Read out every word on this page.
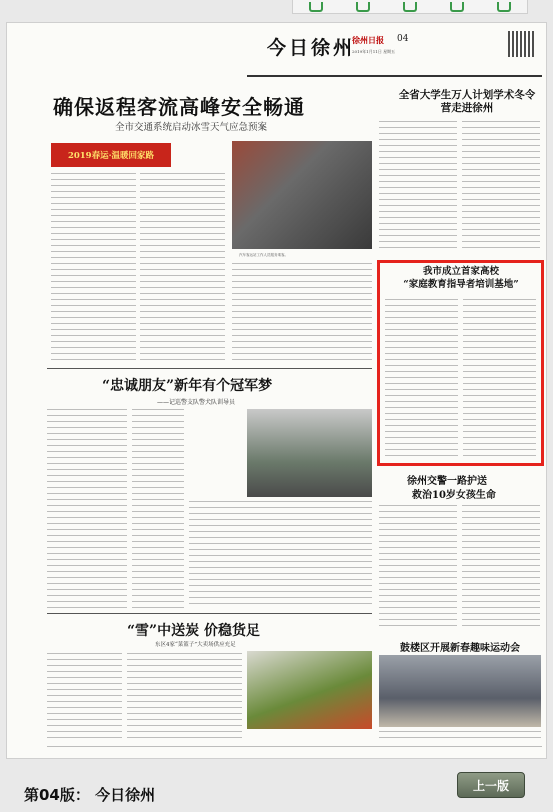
今日徐州
徐州日报 04
2019年1月11日 星期五
确保返程客流高峰安全畅通
全市交通系统启动冰雪天气应急预案
2019春运·温暖回家路
汽车客运站工作人员服务乘客。
全省大学生万人计划学术冬令营走进徐州
我市成立首家高校
“家庭教育指导者培训基地”
“忠诚朋友”新年有个冠军梦
——记巡警支队警犬队训导员
徐州交警一路护送
救治10岁女孩生命
“雪”中送炭 价稳货足
东区4家“菜篮子”大卖场供应充足	鼓楼区开展新春趣味运动会
第04版： 今日徐州
上一版
